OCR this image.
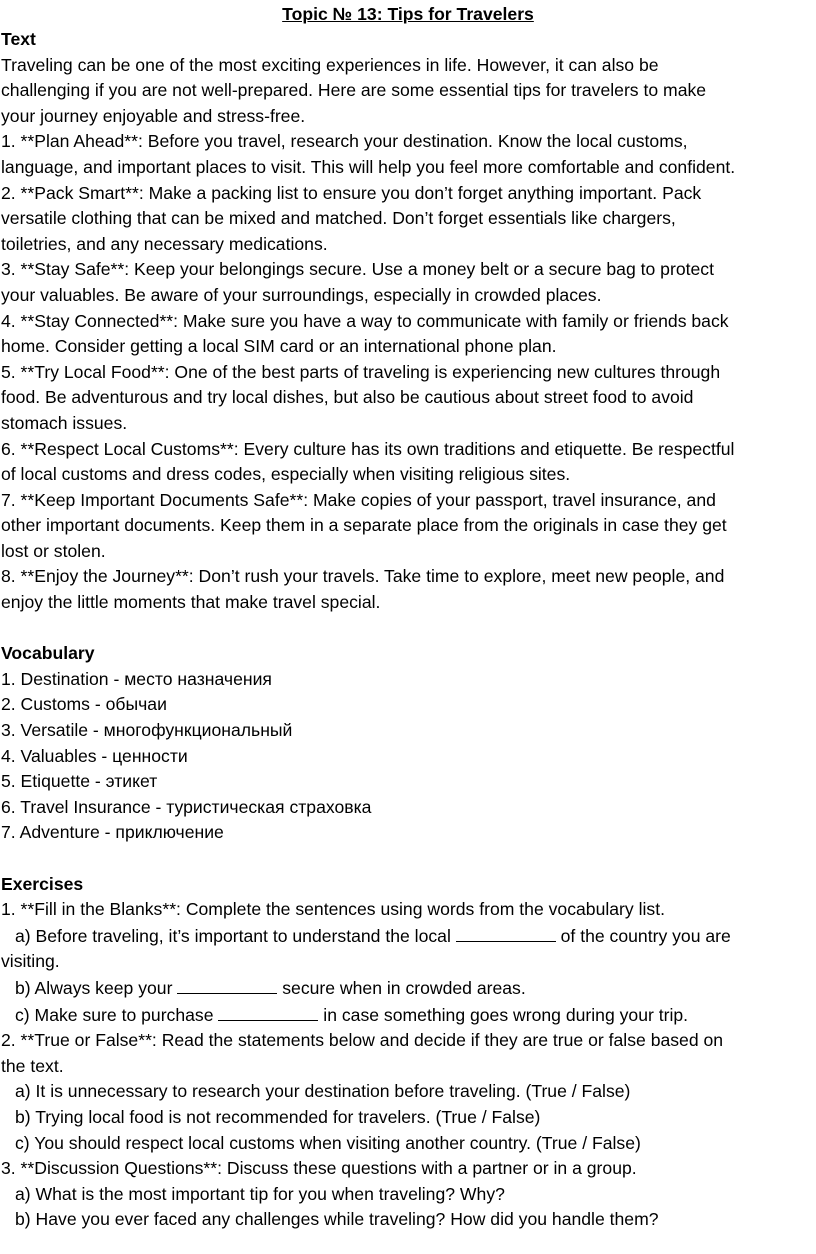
Topic № 13: Tips for Travelers

Text

Traveling can be one of the most exciting experiences in life. However, it can also be

challenging if you are not well-prepared. Here are some essential tips for travelers to make

your journey enjoyable and stress-free.

1. **Plan Ahead**: Before you travel, research your destination. Know the local customs,

language, and important places to visit. This will help you feel more comfortable and confident.

2. **Pack Smart**: Make a packing list to ensure you don’t forget anything important. Pack

versatile clothing that can be mixed and matched. Don’t forget essentials like chargers,

toiletries, and any necessary medications.

3. **Stay Safe**: Keep your belongings secure. Use a money belt or a secure bag to protect

your valuables. Be aware of your surroundings, especially in crowded places.

4. **Stay Connected**: Make sure you have a way to communicate with family or friends back

home. Consider getting a local SIM card or an international phone plan.

5. **Try Local Food**: One of the best parts of traveling is experiencing new cultures through

food. Be adventurous and try local dishes, but also be cautious about street food to avoid

stomach issues.

6. **Respect Local Customs**: Every culture has its own traditions and etiquette. Be respectful

of local customs and dress codes, especially when visiting religious sites.

7. **Keep Important Documents Safe**: Make copies of your passport, travel insurance, and

other important documents. Keep them in a separate place from the originals in case they get

lost or stolen.

8. **Enjoy the Journey**: Don’t rush your travels. Take time to explore, meet new people, and

enjoy the little moments that make travel special.

Vocabulary

1. Destination - место назначения

2. Customs - обычаи

3. Versatile - многофункциональный

4. Valuables - ценности

5. Etiquette - этикет

6. Travel Insurance - туристическая страховка

7. Adventure - приключение

Exercises

1. **Fill in the Blanks**: Complete the sentences using words from the vocabulary list.

a) Before traveling, it’s important to understand the local	of the country you are

visiting.

b) Always keep your	secure when in crowded areas.

c) Make sure to purchase	in case something goes wrong during your trip.

2. **True or False**: Read the statements below and decide if they are true or false based on

the text.

a) It is unnecessary to research your destination before traveling. (True / False)

b) Trying local food is not recommended for travelers. (True / False)

c) You should respect local customs when visiting another country. (True / False)

3. **Discussion Questions**: Discuss these questions with a partner or in a group.

a) What is the most important tip for you when traveling? Why?

b) Have you ever faced any challenges while traveling? How did you handle them?
